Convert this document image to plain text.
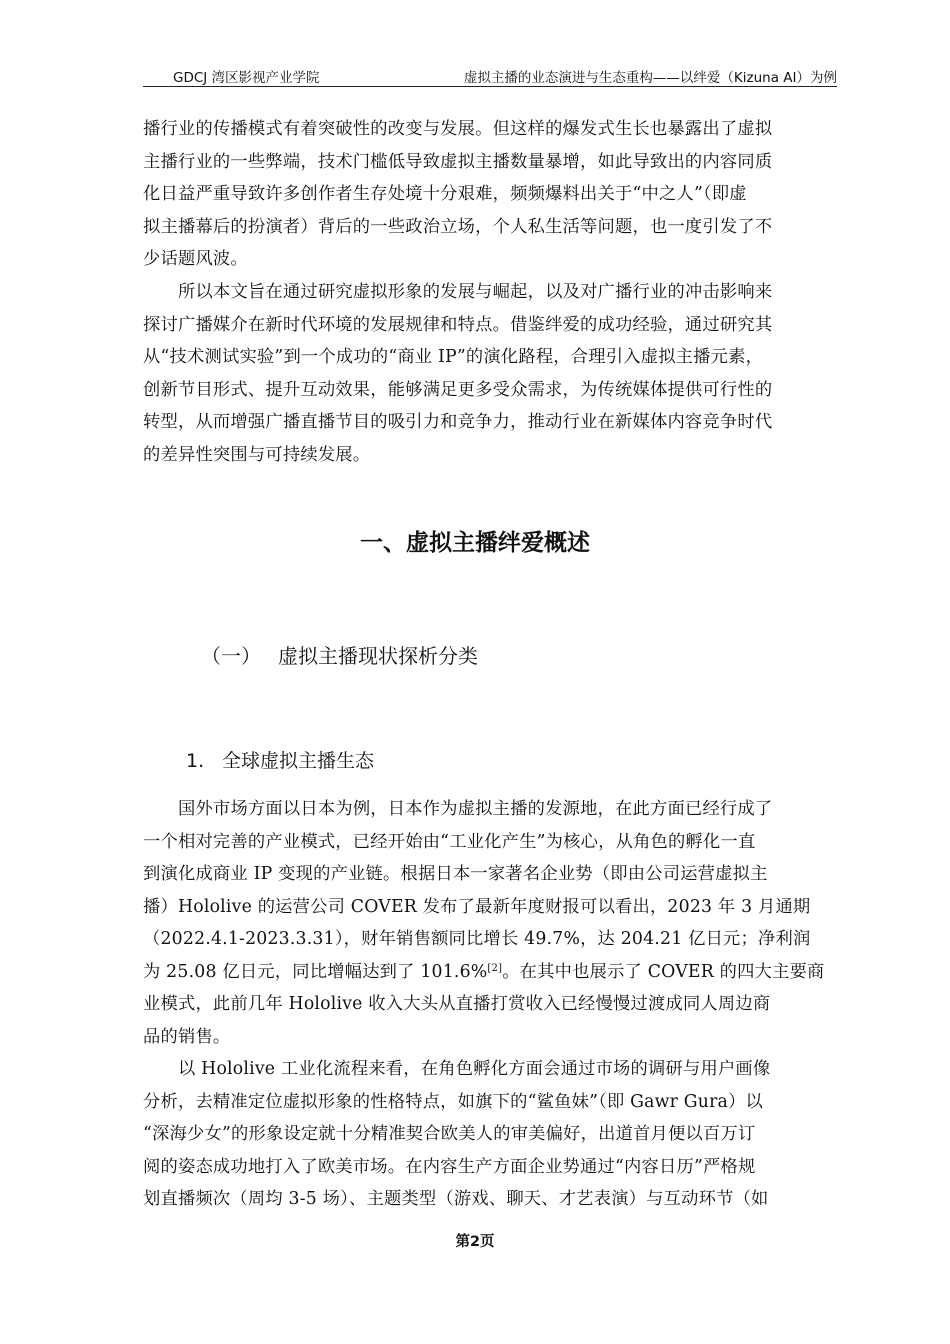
GDCJ 湾区影视产业学院	虚拟主播的业态演进与生态重构——以绊爱（Kizuna AI）为例
播行业的传播模式有着突破性的改变与发展。但这样的爆发式生长也暴露出了虚拟
主播行业的一些弊端，技术门槛低导致虚拟主播数量暴增，如此导致出的内容同质
化日益严重导致许多创作者生存处境十分艰难，频频爆料出关于“中之人”（即虚
拟主播幕后的扮演者）背后的一些政治立场，个人私生活等问题，也一度引发了不
少话题风波。
所以本文旨在通过研究虚拟形象的发展与崛起，以及对广播行业的冲击影响来
探讨广播媒介在新时代环境的发展规律和特点。借鉴绊爱的成功经验，通过研究其
从“技术测试实验”到一个成功的“商业 IP”的演化路程，合理引入虚拟主播元素，
创新节目形式、提升互动效果，能够满足更多受众需求，为传统媒体提供可行性的
转型，从而增强广播直播节目的吸引力和竞争力，推动行业在新媒体内容竞争时代
的差异性突围与可持续发展。
一、虚拟主播绊爱概述
（一） 虚拟主播现状探析分类
1. 全球虚拟主播生态
国外市场方面以日本为例，日本作为虚拟主播的发源地，在此方面已经行成了
一个相对完善的产业模式，已经开始由“工业化产生”为核心，从角色的孵化一直
到演化成商业 IP 变现的产业链。根据日本一家著名企业势（即由公司运营虚拟主
播）Hololive 的运营公司 COVER 发布了最新年度财报可以看出，2023 年 3 月通期
（2022.4.1-2023.3.31），财年销售额同比增长 49.7%，达 204.21 亿日元；净利润
为 25.08 亿日元，同比增幅达到了 101.6%[2]。在其中也展示了 COVER 的四大主要商
业模式，此前几年 Hololive 收入大头从直播打赏收入已经慢慢过渡成同人周边商
品的销售。
以 Hololive 工业化流程来看，在角色孵化方面会通过市场的调研与用户画像
分析，去精准定位虚拟形象的性格特点，如旗下的“鲨鱼妹”（即 Gawr Gura）以
“深海少女”的形象设定就十分精准契合欧美人的审美偏好，出道首月便以百万订
阅的姿态成功地打入了欧美市场。在内容生产方面企业势通过“内容日历”严格规
划直播频次（周均 3-5 场）、主题类型（游戏、聊天、才艺表演）与互动环节（如
第2页
